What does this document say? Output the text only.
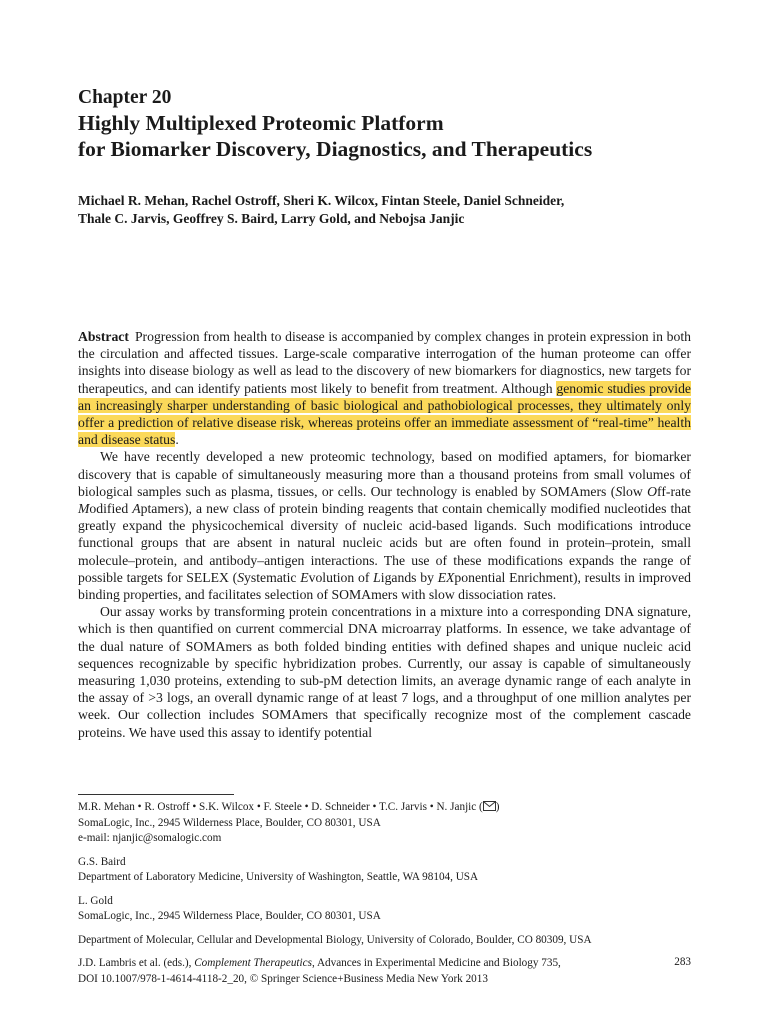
Chapter 20
Highly Multiplexed Proteomic Platform
for Biomarker Discovery, Diagnostics, and Therapeutics
Michael R. Mehan, Rachel Ostroff, Sheri K. Wilcox, Fintan Steele, Daniel Schneider,
Thale C. Jarvis, Geoffrey S. Baird, Larry Gold, and Nebojsa Janjic

Abstract Progression from health to disease is accompanied by complex changes in protein expression in both the circulation and affected tissues. Large-scale comparative interrogation of the human proteome can offer insights into disease biology as well as lead to the discovery of new biomarkers for diagnostics, new targets for therapeutics, and can identify patients most likely to benefit from treatment. Although genomic studies provide an increasingly sharper understanding of basic biological and pathobiological processes, they ultimately only offer a prediction of relative disease risk, whereas proteins offer an immediate assessment of “real-time” health and disease status.

We have recently developed a new proteomic technology, based on modified aptamers, for biomarker discovery that is capable of simultaneously measuring more than a thousand proteins from small volumes of biological samples such as plasma, tissues, or cells. Our technology is enabled by SOMAmers (Slow Off-rate Modified Aptamers), a new class of protein binding reagents that contain chemically modified nucleotides that greatly expand the physicochemical diversity of nucleic acid-based ligands. Such modifications introduce functional groups that are absent in natural nucleic acids but are often found in protein–protein, small molecule–protein, and antibody–antigen interactions. The use of these modifications expands the range of possible targets for SELEX (Systematic Evolution of Ligands by EXponential Enrichment), results in improved binding properties, and facilitates selection of SOMAmers with slow dissociation rates.

Our assay works by transforming protein concentrations in a mixture into a corresponding DNA signature, which is then quantified on current commercial DNA microarray platforms. In essence, we take advantage of the dual nature of SOMAmers as both folded binding entities with defined shapes and unique nucleic acid sequences recognizable by specific hybridization probes. Currently, our assay is capable of simultaneously measuring 1,030 proteins, extending to sub-pM detection limits, an average dynamic range of each analyte in the assay of >3 logs, an overall dynamic range of at least 7 logs, and a throughput of one million analytes per week. Our collection includes SOMAmers that specifically recognize most of the complement cascade proteins. We have used this assay to identify potential

M.R. Mehan • R. Ostroff • S.K. Wilcox • F. Steele • D. Schneider • T.C. Jarvis • N. Janjic ( )
SomaLogic, Inc., 2945 Wilderness Place, Boulder, CO 80301, USA
e-mail: njanjic@somalogic.com
G.S. Baird
Department of Laboratory Medicine, University of Washington, Seattle, WA 98104, USA
L. Gold
SomaLogic, Inc., 2945 Wilderness Place, Boulder, CO 80301, USA
Department of Molecular, Cellular and Developmental Biology, University of Colorado, Boulder, CO 80309, USA
J.D. Lambris et al. (eds.), Complement Therapeutics, Advances in Experimental Medicine and Biology 735,
DOI 10.1007/978-1-4614-4118-2_20, © Springer Science+Business Media New York 2013
283
